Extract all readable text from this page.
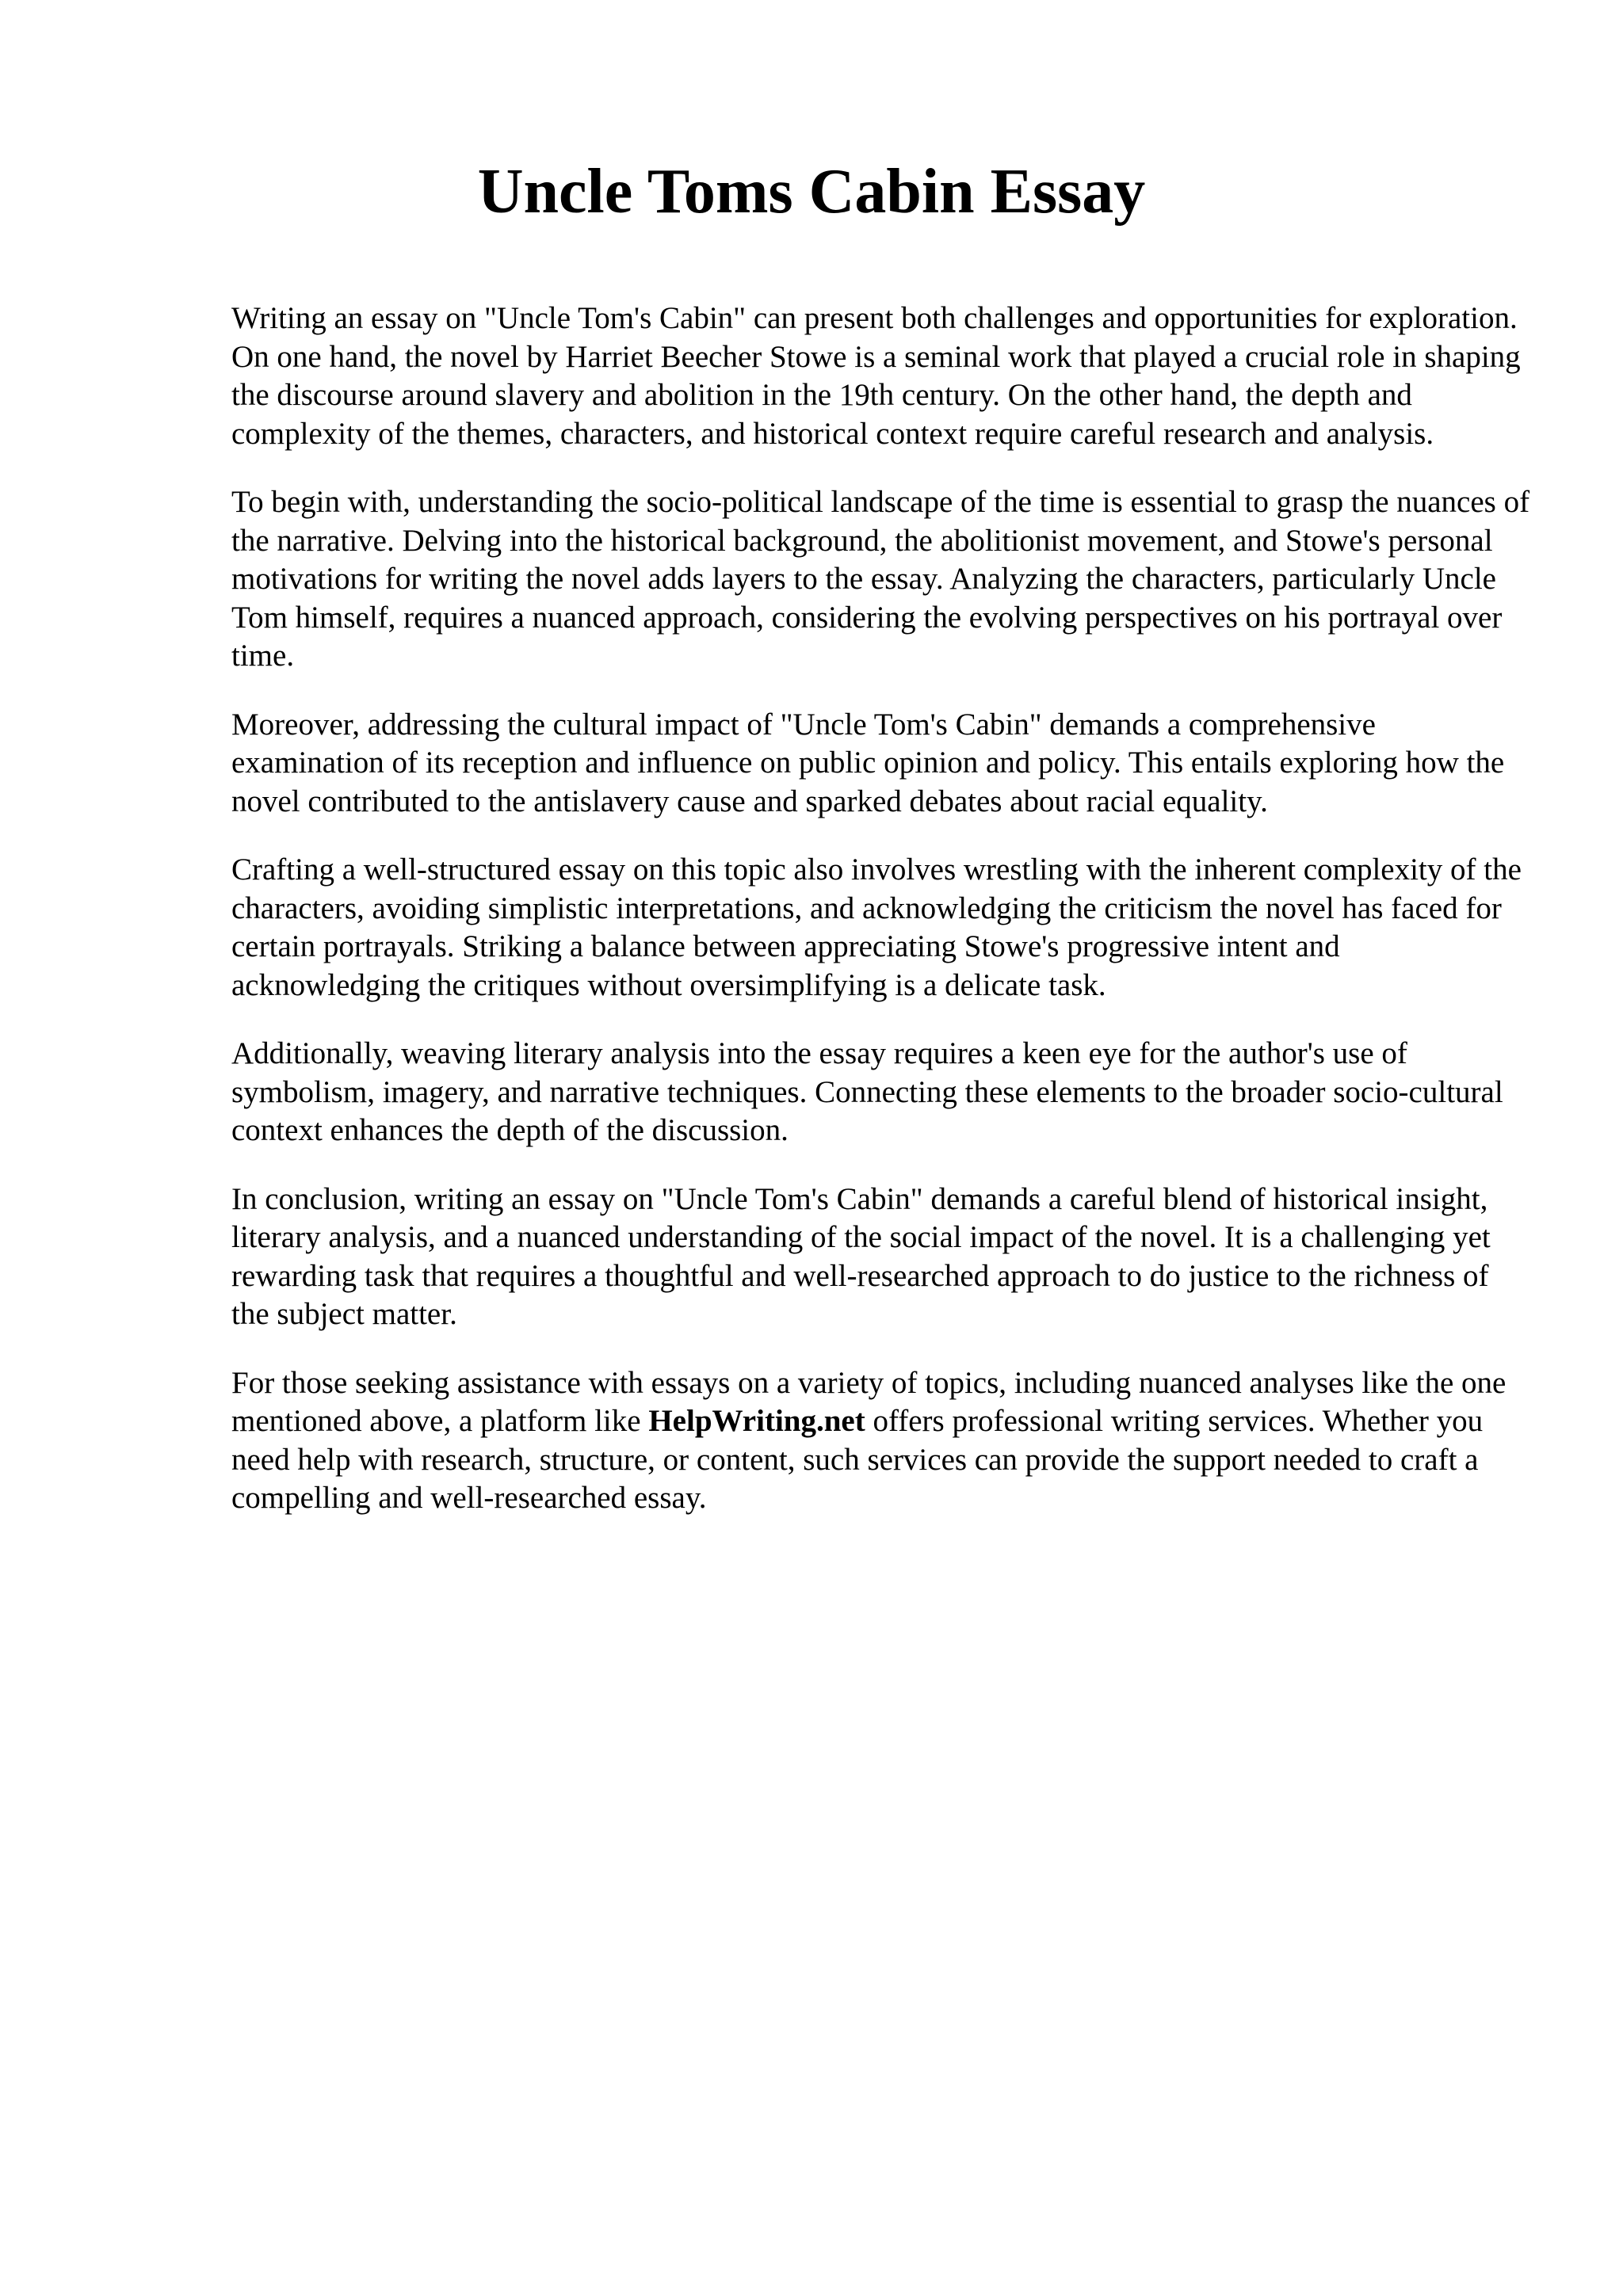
Uncle Toms Cabin Essay

Writing an essay on "Uncle Tom's Cabin" can present both challenges and opportunities for exploration. On one hand, the novel by Harriet Beecher Stowe is a seminal work that played a crucial role in shaping the discourse around slavery and abolition in the 19th century. On the other hand, the depth and complexity of the themes, characters, and historical context require careful research and analysis.

To begin with, understanding the socio-political landscape of the time is essential to grasp the nuances of the narrative. Delving into the historical background, the abolitionist movement, and Stowe's personal motivations for writing the novel adds layers to the essay. Analyzing the characters, particularly Uncle Tom himself, requires a nuanced approach, considering the evolving perspectives on his portrayal over time.

Moreover, addressing the cultural impact of "Uncle Tom's Cabin" demands a comprehensive examination of its reception and influence on public opinion and policy. This entails exploring how the novel contributed to the antislavery cause and sparked debates about racial equality.

Crafting a well-structured essay on this topic also involves wrestling with the inherent complexity of the characters, avoiding simplistic interpretations, and acknowledging the criticism the novel has faced for certain portrayals. Striking a balance between appreciating Stowe's progressive intent and acknowledging the critiques without oversimplifying is a delicate task.

Additionally, weaving literary analysis into the essay requires a keen eye for the author's use of symbolism, imagery, and narrative techniques. Connecting these elements to the broader socio-cultural context enhances the depth of the discussion.

In conclusion, writing an essay on "Uncle Tom's Cabin" demands a careful blend of historical insight, literary analysis, and a nuanced understanding of the social impact of the novel. It is a challenging yet rewarding task that requires a thoughtful and well-researched approach to do justice to the richness of the subject matter.

For those seeking assistance with essays on a variety of topics, including nuanced analyses like the one mentioned above, a platform like HelpWriting.net offers professional writing services. Whether you need help with research, structure, or content, such services can provide the support needed to craft a compelling and well-researched essay.
